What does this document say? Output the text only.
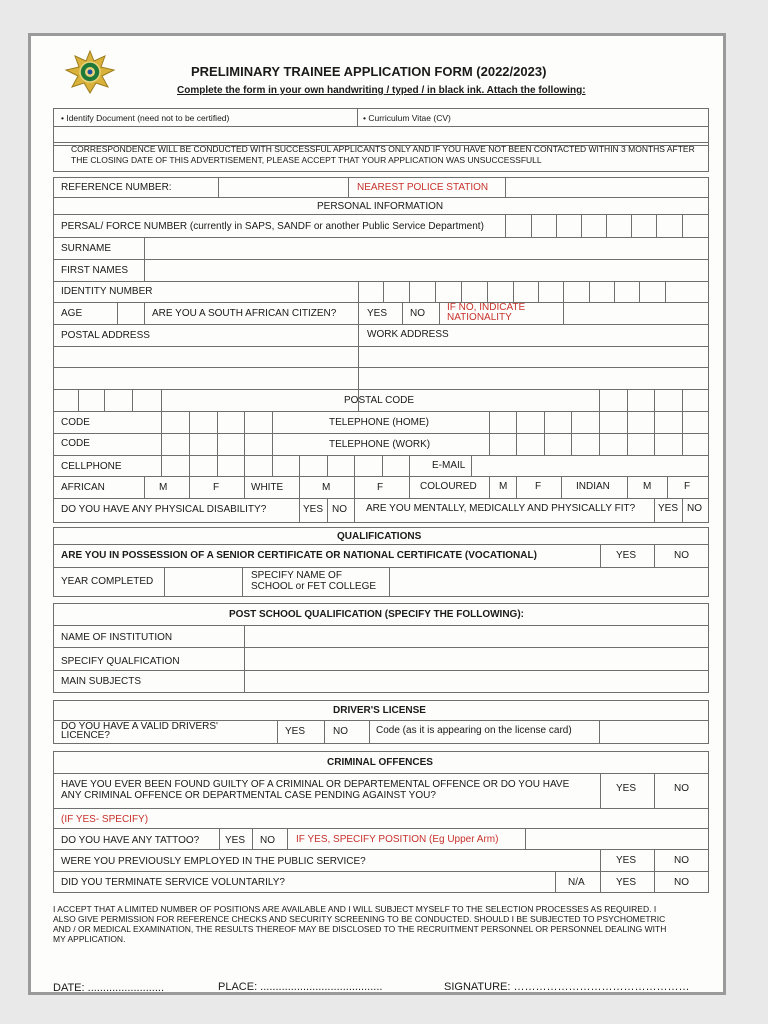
PRELIMINARY TRAINEE APPLICATION FORM (2022/2023)
Complete the form in your own handwriting / typed / in black ink. Attach the following:
• Identify Document (need not to be certified)	• Curriculum Vitae (CV)
CORRESPONDENCE WILL BE CONDUCTED WITH SUCCESSFUL APPLICANTS ONLY AND IF YOU HAVE NOT BEEN CONTACTED WITHIN 3 MONTHS AFTER
THE CLOSING DATE OF THIS ADVERTISEMENT, PLEASE ACCEPT THAT YOUR APPLICATION WAS UNSUCCESSFULL
REFERENCE NUMBER:	NEAREST POLICE STATION
PERSONAL INFORMATION
PERSAL/ FORCE NUMBER (currently in SAPS, SANDF or another Public Service Department)
SURNAME
FIRST NAMES
IDENTITY NUMBER
AGE	ARE YOU A SOUTH AFRICAN CITIZEN?	YES NO
IF NO, INDICATE
NATIONALITY
POSTAL ADDRESS	WORK ADDRESS
POSTAL CODE
CODE	TELEPHONE (HOME)
CODE	TELEPHONE (WORK)
CELLPHONE	E-MAIL
AFRICAN	M	F	WHITE	M	F	COLOURED M	F	INDIAN	M	F
DO YOU HAVE ANY PHYSICAL DISABILITY?	YES NO ARE YOU MENTALLY, MEDICALLY AND PHYSICALLY FIT? YES NO
QUALIFICATIONS
ARE YOU IN POSSESSION OF A SENIOR CERTIFICATE OR NATIONAL CERTIFICATE (VOCATIONAL)	YES	NO
YEAR COMPLETED
SPECIFY NAME OF
SCHOOL or FET COLLEGE
POST SCHOOL QUALIFICATION (SPECIFY THE FOLLOWING):
NAME OF INSTITUTION
SPECIFY QUALFICATION
MAIN SUBJECTS
DRIVER'S LICENSE
DO YOU HAVE A VALID DRIVERS'
LICENCE?	YES	NO	Code (as it is appearing on the license card)
CRIMINAL OFFENCES
HAVE YOU EVER BEEN FOUND GUILTY OF A CRIMINAL OR DEPARTEMENTAL OFFENCE OR DO YOU HAVE
ANY CRIMINAL OFFENCE OR DEPARTMENTAL CASE PENDING AGAINST YOU?
YES	NO
(IF YES- SPECIFY)
DO YOU HAVE ANY TATTOO?	YES NO IF YES, SPECIFY POSITION (Eg Upper Arm)
WERE YOU PREVIOUSLY EMPLOYED IN THE PUBLIC SERVICE?	YES	NO
DID YOU TERMINATE SERVICE VOLUNTARILY?	N/A	YES	NO
I ACCEPT THAT A LIMITED NUMBER OF POSITIONS ARE AVAILABLE AND I WILL SUBJECT MYSELF TO THE SELECTION PROCESSES AS REQUIRED. I
ALSO GIVE PERMISSION FOR REFERENCE CHECKS AND SECURITY SCREENING TO BE CONDUCTED. SHOULD I BE SUBJECTED TO PSYCHOMETRIC
AND / OR MEDICAL EXAMINATION, THE RESULTS THEREOF MAY BE DISCLOSED TO THE RECRUITMENT PERSONNEL OR PERSONNEL DEALING WITH
MY APPLICATION.
DATE: .........................	PLACE: ........................................	SIGNATURE: …………………………………………
